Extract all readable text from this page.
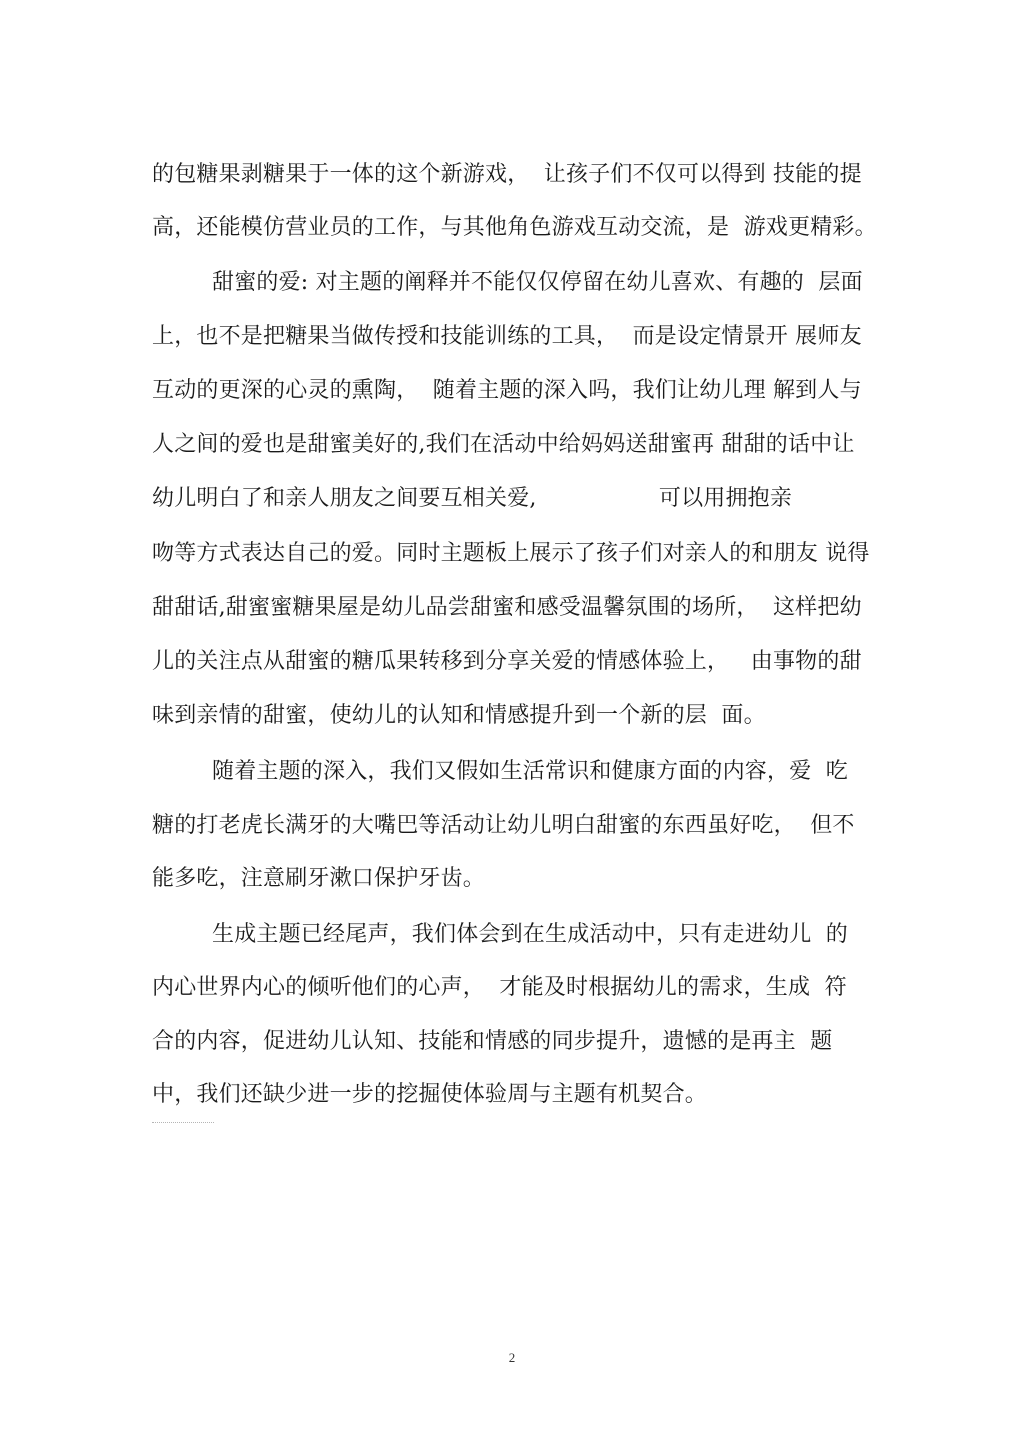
的包糖果剥糖果于一体的这个新游戏，  让孩子们不仅可以得到 技能的提
高，还能模仿营业员的工作，与其他角色游戏互动交流，是  游戏更精彩。
甜蜜的爱: 对主题的阐释并不能仅仅停留在幼儿喜欢、有趣的  层面
上，也不是把糖果当做传授和技能训练的工具，  而是设定情景开 展师友
互动的更深的心灵的熏陶，  随着主题的深入吗，我们让幼儿理 解到人与
人之间的爱也是甜蜜美好的,我们在活动中给妈妈送甜蜜再 甜甜的话中让
幼儿明白了和亲人朋友之间要互相关爱,                 可以用拥抱亲
吻等方式表达自己的爱。同时主题板上展示了孩子们对亲人的和朋友 说得
甜甜话,甜蜜蜜糖果屋是幼儿品尝甜蜜和感受温馨氛围的场所，  这样把幼
儿的关注点从甜蜜的糖瓜果转移到分享关爱的情感体验上，   由事物的甜
味到亲情的甜蜜，使幼儿的认知和情感提升到一个新的层  面。
随着主题的深入，我们又假如生活常识和健康方面的内容，爱  吃
糖的打老虎长满牙的大嘴巴等活动让幼儿明白甜蜜的东西虽好吃，  但不
能多吃，注意刷牙漱口保护牙齿。
生成主题已经尾声，我们体会到在生成活动中，只有走进幼儿  的
内心世界内心的倾听他们的心声，  才能及时根据幼儿的需求，生成  符
合的内容，促进幼儿认知、技能和情感的同步提升，遗憾的是再主  题
中，我们还缺少进一步的挖掘使体验周与主题有机契合。
2
